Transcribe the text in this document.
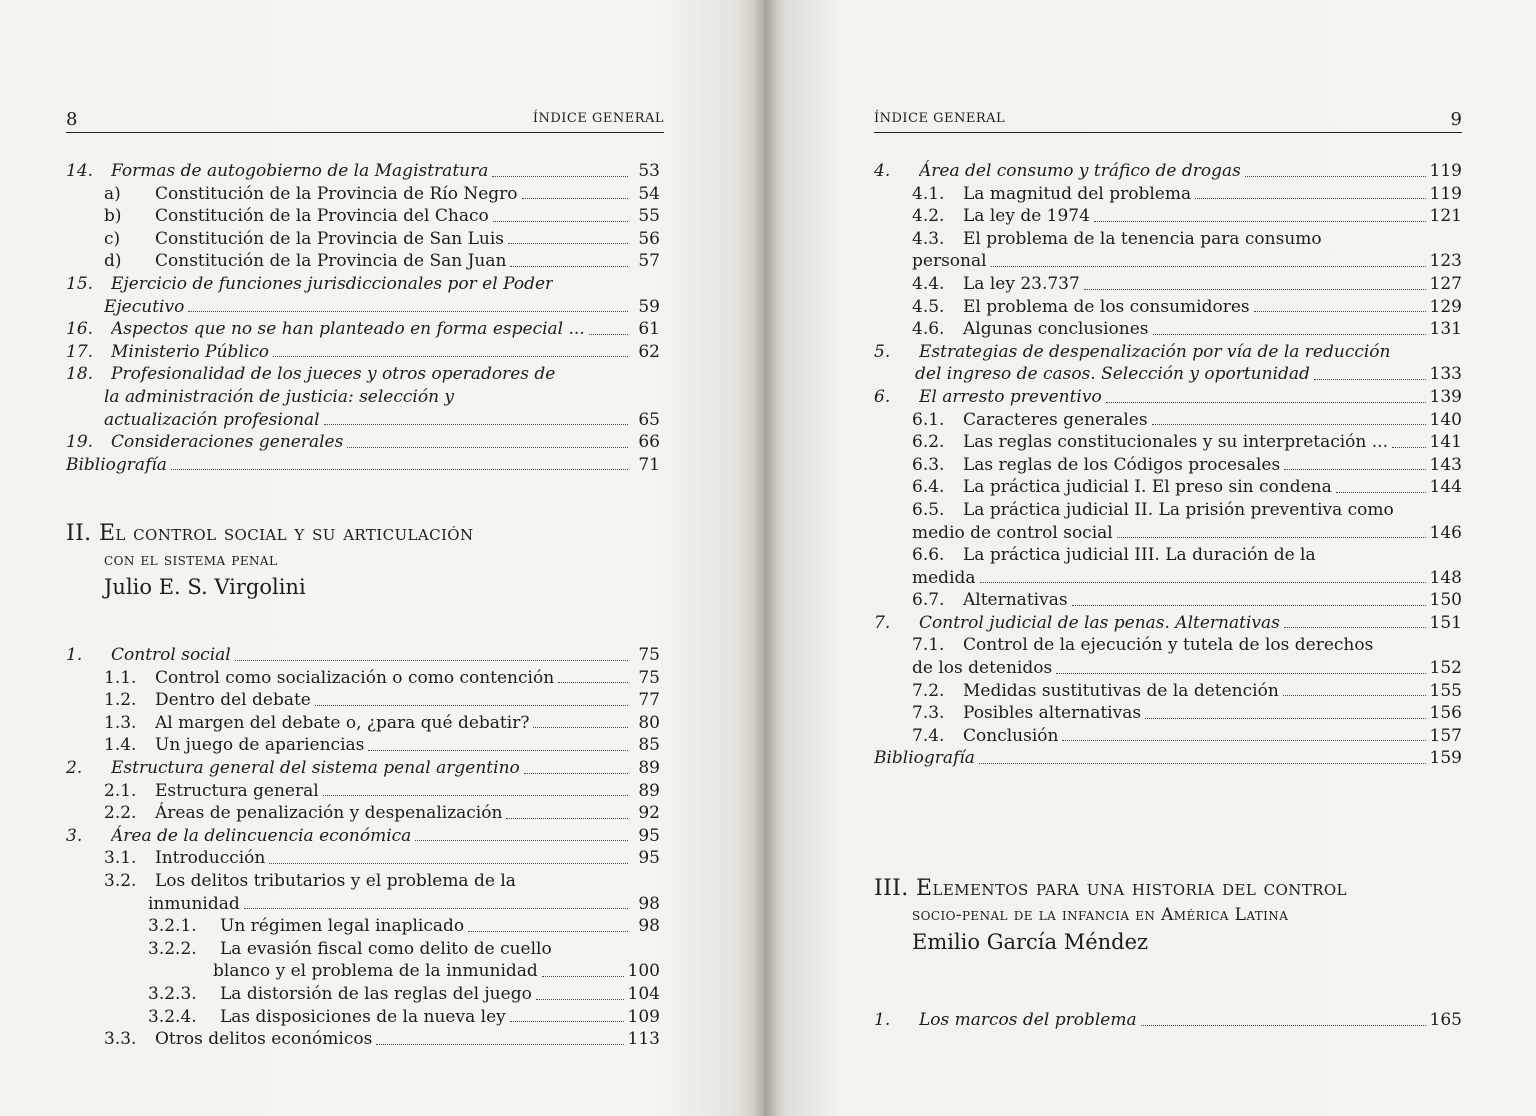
8	ÍNDICE GENERAL
14.	Formas de autogobierno de la Magistratura	53
a)	Constitución de la Provincia de Río Negro	54
b)	Constitución de la Provincia del Chaco	55
c)	Constitución de la Provincia de San Luis	56
d)	Constitución de la Provincia de San Juan	57
15.	Ejercicio de funciones jurisdiccionales por el Poder
Ejecutivo	59
16.	Aspectos que no se han planteado en forma especial ...	61
17.	Ministerio Público	62
18.	Profesionalidad de los jueces y otros operadores de
la administración de justicia: selección y
actualización profesional	65
19.	Consideraciones generales	66
Bibliografía	71
II. El control social y su articulación
con el sistema penal
Julio E. S. Virgolini
1.	Control social	75
1.1.	Control como socialización o como contención	75
1.2.	Dentro del debate	77
1.3.	Al margen del debate o, ¿para qué debatir?	80
1.4.	Un juego de apariencias	85
2.	Estructura general del sistema penal argentino	89
2.1.	Estructura general	89
2.2.	Áreas de penalización y despenalización	92
3.	Área de la delincuencia económica	95
3.1.	Introducción	95
3.2.	Los delitos tributarios y el problema de la
inmunidad	98
3.2.1.	Un régimen legal inaplicado	98
3.2.2.	La evasión fiscal como delito de cuello
blanco y el problema de la inmunidad	100
3.2.3.	La distorsión de las reglas del juego	104
3.2.4.	Las disposiciones de la nueva ley	109
3.3.	Otros delitos económicos	113
ÍNDICE GENERAL	9
4.	Área del consumo y tráfico de drogas	119
4.1.	La magnitud del problema	119
4.2.	La ley de 1974	121
4.3.	El problema de la tenencia para consumo
personal	123
4.4.	La ley 23.737	127
4.5.	El problema de los consumidores	129
4.6.	Algunas conclusiones	131
5.	Estrategias de despenalización por vía de la reducción
del ingreso de casos. Selección y oportunidad	133
6.	El arresto preventivo	139
6.1.	Caracteres generales	140
6.2.	Las reglas constitucionales y su interpretación ... 141
6.3.	Las reglas de los Códigos procesales	143
6.4.	La práctica judicial I. El preso sin condena	144
6.5.	La práctica judicial II. La prisión preventiva como
medio de control social	146
6.6.	La práctica judicial III. La duración de la
medida	148
6.7.	Alternativas	150
7.	Control judicial de las penas. Alternativas	151
7.1.	Control de la ejecución y tutela de los derechos
de los detenidos	152
7.2.	Medidas sustitutivas de la detención	155
7.3.	Posibles alternativas	156
7.4.	Conclusión	157
Bibliografía	159
III. Elementos para una historia del control
socio-penal de la infancia en América Latina
Emilio García Méndez
1.	Los marcos del problema	165
